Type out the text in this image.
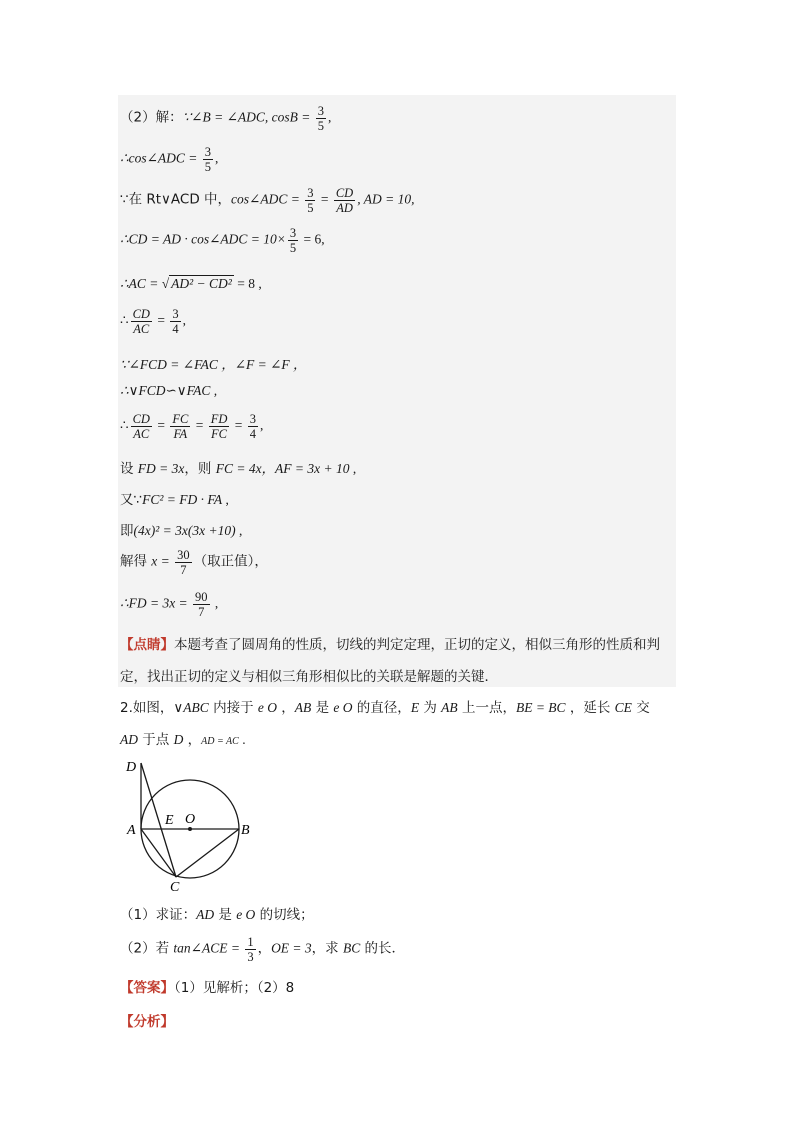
（2）解：∵∠B = ∠ADC, $\cos B = \frac{3}{5}$ ,
∴cos∠ADC = $\frac{3}{5}$ ,
∵在 Rt∨ACD 中，cos∠ADC = $\frac{3}{5} = \frac{CD}{AD}$ , AD = 10,
∴CD = AD · cos∠ADC = $10\times \frac{3}{5} = 6$,
∴AC = √ AD² − CD² = 8 ,
∴ $\frac{CD}{AC} = \frac{3}{4}$ ,
∵∠FCD = ∠FAC ，∠F = ∠F ，
∴∨FCD∽∨FAC ,
∴ $\frac{CD}{AC} = \frac{FC}{FA} = \frac{FD}{FC} = \frac{3}{4}$ ,
设 FD = 3x，则 FC = 4x，AF = 3x + 10 ,
又∵FC² = FD · FA ,
即(4x)² = 3x(3x +10) ,
解得 $x = \frac{30}{7}$ （取正值），
∴FD = $3x = \frac{90}{7}$ ,
【点睛】本题考查了圆周角的性质，切线的判定定理，正切的定义，相似三角形的性质和判
定，找出正切的定义与相似三角形相似比的关联是解题的关键．
2.如图，∨ABC 内接于 e O ，AB 是 e O 的直径，E 为 AB 上一点，BE = BC ，延长 CE 交
AD 于点 D ，AD = AC .
D
A
E O
B
C
（1）求证：AD 是 e O 的切线；
（2）若 tan∠ACE = $\frac{1}{3}$ ，OE = 3，求 BC 的长．
【答案】（1）见解析；（2）8
【分析】
